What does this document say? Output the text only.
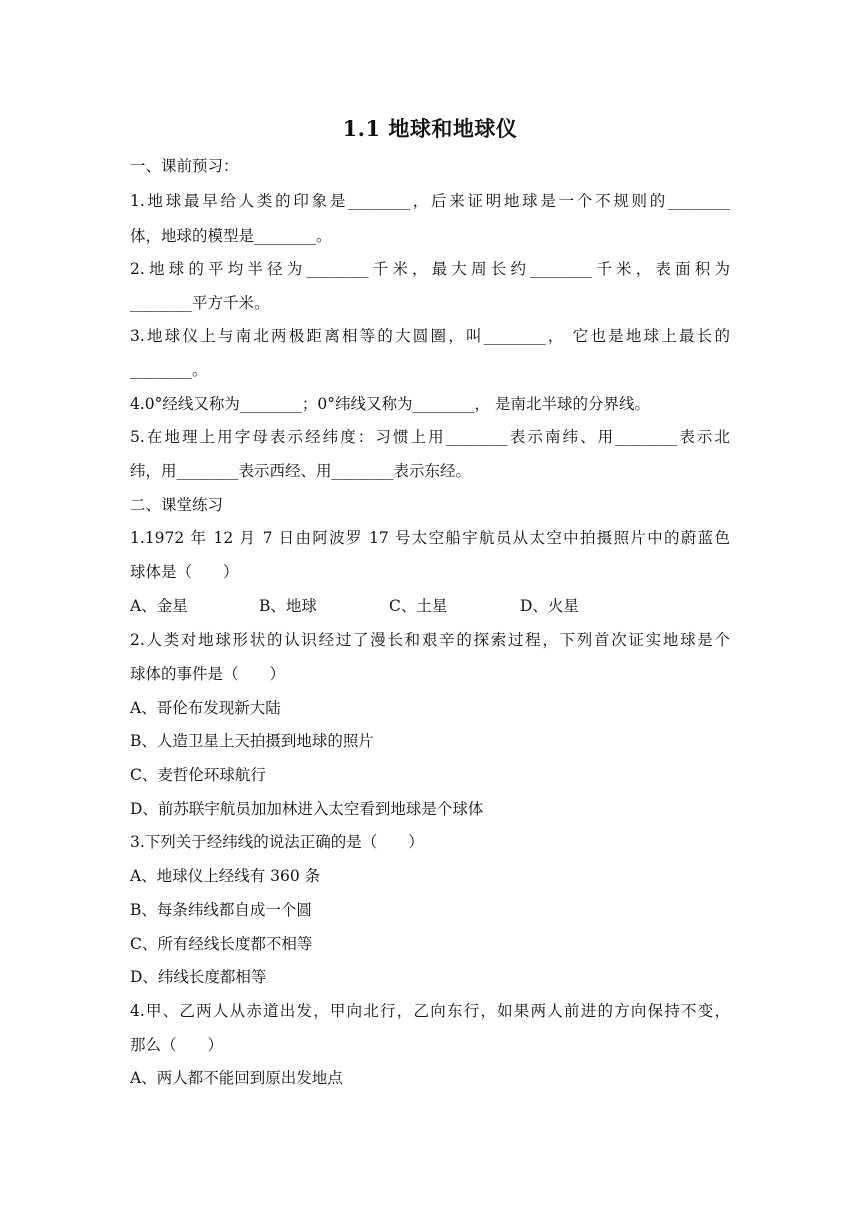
1.1 地球和地球仪
一、课前预习：
1.地球最早给人类的印象是________，后来证明地球是一个不规则的________
体，地球的模型是________。
2.地球的平均半径为________千米，最大周长约________千米，表面积为
________平方千米。
3.地球仪上与南北两极距离相等的大圆圈，叫________， 它也是地球上最长的
________。
4.0°经线又称为________；0°纬线又称为________， 是南北半球的分界线。
5.在地理上用字母表示经纬度：习惯上用________表示南纬、用________表示北
纬，用________表示西经、用________表示东经。
二、课堂练习
1.1972 年 12 月 7 日由阿波罗 17 号太空船宇航员从太空中拍摄照片中的蔚蓝色
球体是（　　）
A、金星	B、地球	C、土星	D、火星
2.人类对地球形状的认识经过了漫长和艰辛的探索过程，下列首次证实地球是个
球体的事件是（　　）
A、哥伦布发现新大陆
B、人造卫星上天拍摄到地球的照片
C、麦哲伦环球航行
D、前苏联宇航员加加林进入太空看到地球是个球体
3.下列关于经纬线的说法正确的是（　　）
A、地球仪上经线有 360 条
B、每条纬线都自成一个圆
C、所有经线长度都不相等
D、纬线长度都相等
4.甲、乙两人从赤道出发，甲向北行，乙向东行，如果两人前进的方向保持不变，
那么（　　）
A、两人都不能回到原出发地点
